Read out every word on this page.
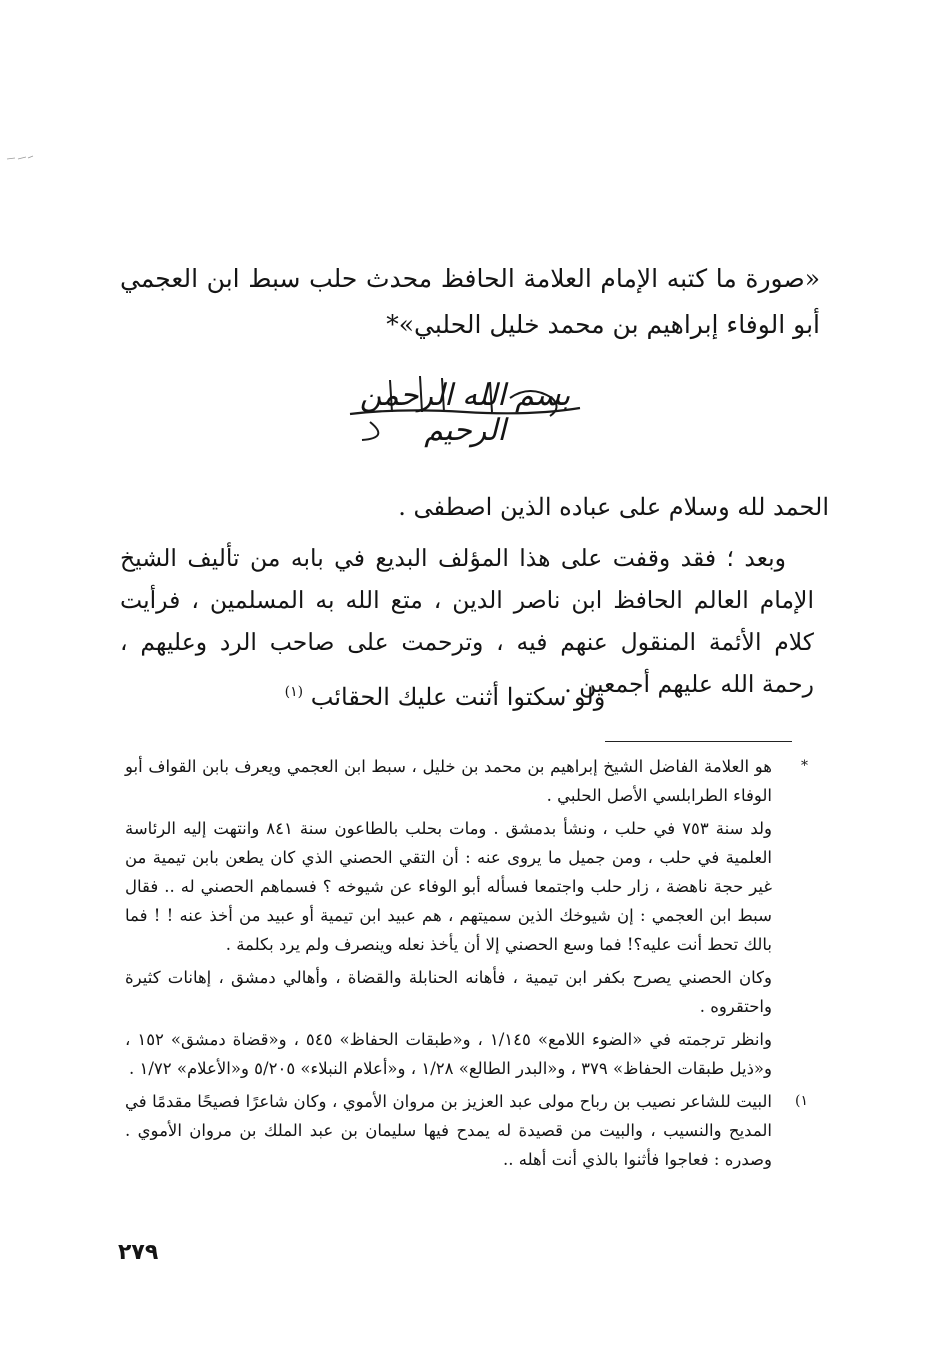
«صورة ما كتبه الإمام العلامة الحافظ محدث حلب سبط ابن العجمي أبو الوفاء إبراهيم بن محمد خليل الحلبي»*
بسم الله الرحمن الرحيم
الحمد لله وسلام على عباده الذين اصطفى .
وبعد ؛ فقد وقفت على هذا المؤلف البديع في بابه من تأليف الشيخ الإمام العالم الحافظ ابن ناصر الدين ، متع الله به المسلمين ، فرأيت كلام الأئمة المنقول عنهم فيه ، وترحمت على صاحب الرد وعليهم ، رحمة الله عليهم أجمعين .
ولو سكتوا أثنت عليك الحقائب $^{(١)}$
*
هو العلامة الفاضل الشيخ إبراهيم بن محمد بن خليل ، سبط ابن العجمي ويعرف بابن القواف أبو الوفاء الطرابلسي الأصل الحلبي .

ولد سنة ٧٥٣ في حلب ، ونشأ بدمشق . ومات بحلب بالطاعون سنة ٨٤١ وانتهت إليه الرئاسة العلمية في حلب ، ومن جميل ما يروى عنه : أن التقي الحصني الذي كان يطعن بابن تيمية من غير حجة ناهضة ، زار حلب واجتمعا فسأله أبو الوفاء عن شيوخه ؟ فسماهم الحصني له .. فقال سبط ابن العجمي : إن شيوخك الذين سميتهم ، هم عبيد ابن تيمية أو عبيد من أخذ عنه ! ! فما بالك تحط أنت عليه؟! فما وسع الحصني إلا أن يأخذ نعله وينصرف ولم يرد بكلمة .

وكان الحصني يصرح بكفر ابن تيمية ، فأهانه الحنابلة والقضاة ، وأهالي دمشق ، إهانات كثيرة واحتقروه .

وانظر ترجمته في «الضوء اللامع» ١/١٤٥ ، و«طبقات الحفاظ» ٥٤٥ ، و«قضاة دمشق» ١٥٢ ، و«ذيل طبقات الحفاظ» ٣٧٩ ، و«البدر الطالع» ١/٢٨ ، و«أعلام النبلاء» ٥/٢٠٥ و«الأعلام» ١/٧٢ .

١)
البيت للشاعر نصيب بن رباح مولى عبد العزيز بن مروان الأموي ، وكان شاعرًا فصيحًا مقدمًا في المديح والنسيب ، والبيت من قصيدة له يمدح فيها سليمان بن عبد الملك بن مروان الأموي . وصدره : فعاجوا فأثنوا بالذي أنت أهله ..
٢٧٩
